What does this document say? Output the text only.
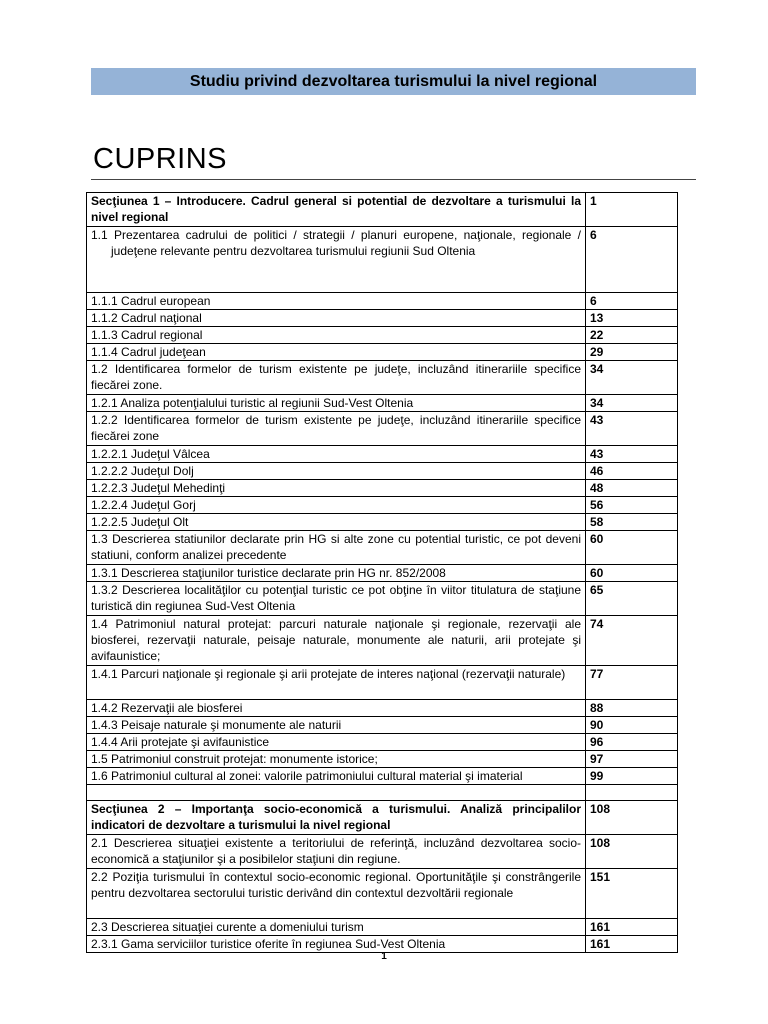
Studiu privind dezvoltarea turismului la nivel regional
CUPRINS
Secţiunea 1 – Introducere. Cadrul general si potential de dezvoltare a turismului la nivel regional	1

1.1 Prezentarea cadrului de politici / strategii / planuri europene, naţionale, regionale / judeţene relevante pentru dezvoltarea turismului regiunii Sud Oltenia	6
1.1.1 Cadrul european	6
1.1.2 Cadrul naţional	13
1.1.3 Cadrul regional	22
1.1.4 Cadrul judeţean	29
1.2 Identificarea formelor de turism existente pe judeţe, incluzând itinerariile specifice fiecărei zone.	34
1.2.1 Analiza potenţialului turistic al regiunii Sud-Vest Oltenia	34
1.2.2 Identificarea formelor de turism existente pe judeţe, incluzând itinerariile specifice fiecărei zone	43
1.2.2.1 Judeţul Vâlcea	43
1.2.2.2 Judeţul Dolj	46
1.2.2.3 Judeţul Mehedinţi	48
1.2.2.4 Judeţul Gorj	56
1.2.2.5 Judeţul Olt	58
1.3 Descrierea statiunilor declarate prin HG si alte zone cu potential turistic, ce pot deveni statiuni, conform analizei precedente	60
1.3.1 Descrierea staţiunilor turistice declarate prin HG nr. 852/2008	60
1.3.2 Descrierea localităţilor cu potenţial turistic ce pot obţine în viitor titulatura de staţiune turistică din regiunea Sud-Vest Oltenia	65
1.4 Patrimoniul natural protejat: parcuri naturale naţionale şi regionale, rezervaţii ale biosferei, rezervaţii naturale, peisaje naturale, monumente ale naturii, arii protejate şi avifaunistice;	74
1.4.1 Parcuri naţionale şi regionale şi arii protejate de interes naţional (rezervaţii naturale)	77
1.4.2 Rezervaţii ale biosferei	88
1.4.3 Peisaje naturale şi monumente ale naturii	90
1.4.4 Arii protejate şi avifaunistice	96
1.5 Patrimoniul construit protejat: monumente istorice;	97
1.6 Patrimoniul cultural al zonei: valorile patrimoniului cultural material şi imaterial	99

Secţiunea 2 – Importanţa socio-economică a turismului. Analiză principalilor indicatori de dezvoltare a turismului la nivel regional	108
2.1 Descrierea situaţiei existente a teritoriului de referinţă, incluzând dezvoltarea socio-economică a staţiunilor şi a posibilelor staţiuni din regiune.	108
2.2 Poziţia turismului în contextul socio-economic regional. Oportunităţile şi constrângerile pentru dezvoltarea sectorului turistic derivând din contextul dezvoltării regionale	151
2.3 Descrierea situaţiei curente a domeniului turism	161
2.3.1 Gama serviciilor turistice oferite în regiunea Sud-Vest Oltenia	161
1
